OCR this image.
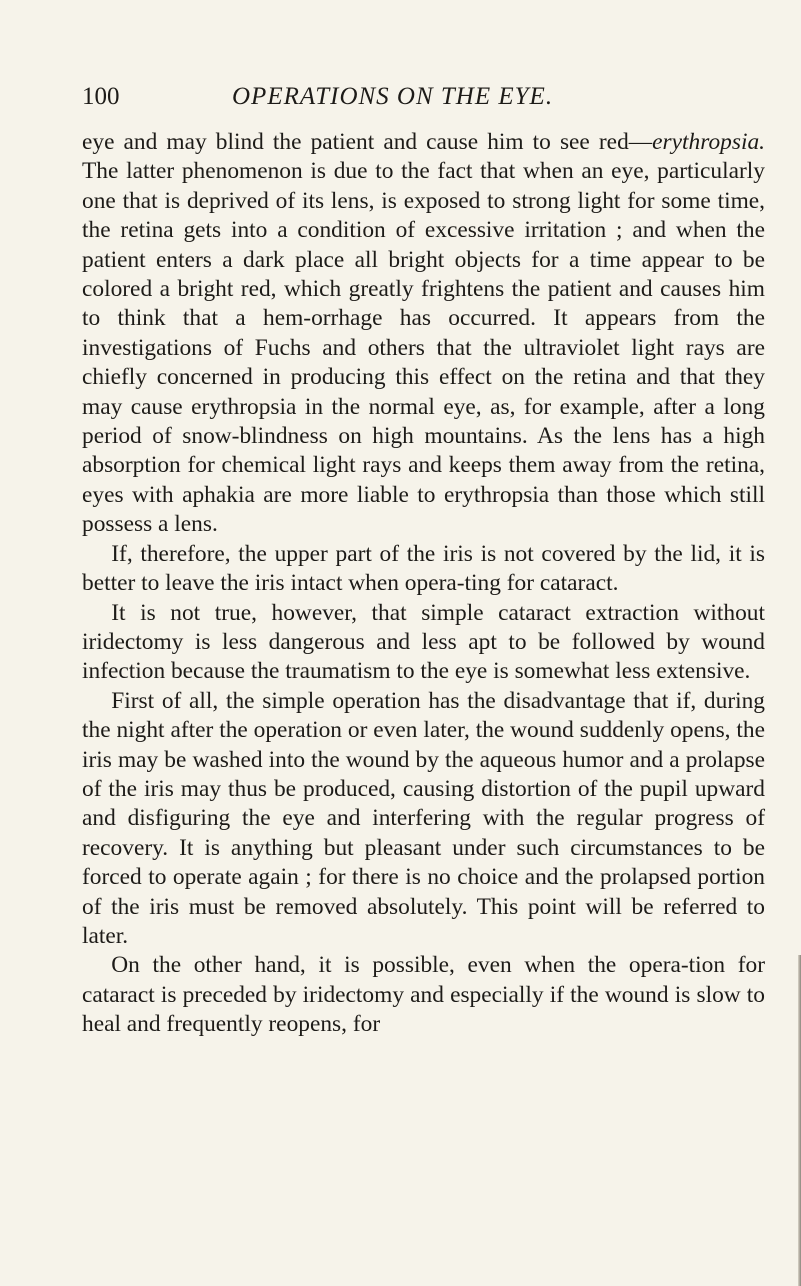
100	OPERATIONS ON THE EYE.

eye and may blind the patient and cause him to see red—erythropsia. The latter phenomenon is due to the fact that when an eye, particularly one that is deprived of its lens, is exposed to strong light for some time, the retina gets into a condition of excessive irritation ; and when the patient enters a dark place all bright objects for a time appear to be colored a bright red, which greatly frightens the patient and causes him to think that a hem-orrhage has occurred. It appears from the investigations of Fuchs and others that the ultraviolet light rays are chiefly concerned in producing this effect on the retina and that they may cause erythropsia in the normal eye, as, for example, after a long period of snow-blindness on high mountains. As the lens has a high absorption for chemical light rays and keeps them away from the retina, eyes with aphakia are more liable to erythropsia than those which still possess a lens.

If, therefore, the upper part of the iris is not covered by the lid, it is better to leave the iris intact when opera-ting for cataract.

It is not true, however, that simple cataract extraction without iridectomy is less dangerous and less apt to be followed by wound infection because the traumatism to the eye is somewhat less extensive.

First of all, the simple operation has the disadvantage that if, during the night after the operation or even later, the wound suddenly opens, the iris may be washed into the wound by the aqueous humor and a prolapse of the iris may thus be produced, causing distortion of the pupil upward and disfiguring the eye and interfering with the regular progress of recovery. It is anything but pleasant under such circumstances to be forced to operate again ; for there is no choice and the prolapsed portion of the iris must be removed absolutely. This point will be referred to later.

On the other hand, it is possible, even when the opera-tion for cataract is preceded by iridectomy and especially if the wound is slow to heal and frequently reopens, for
